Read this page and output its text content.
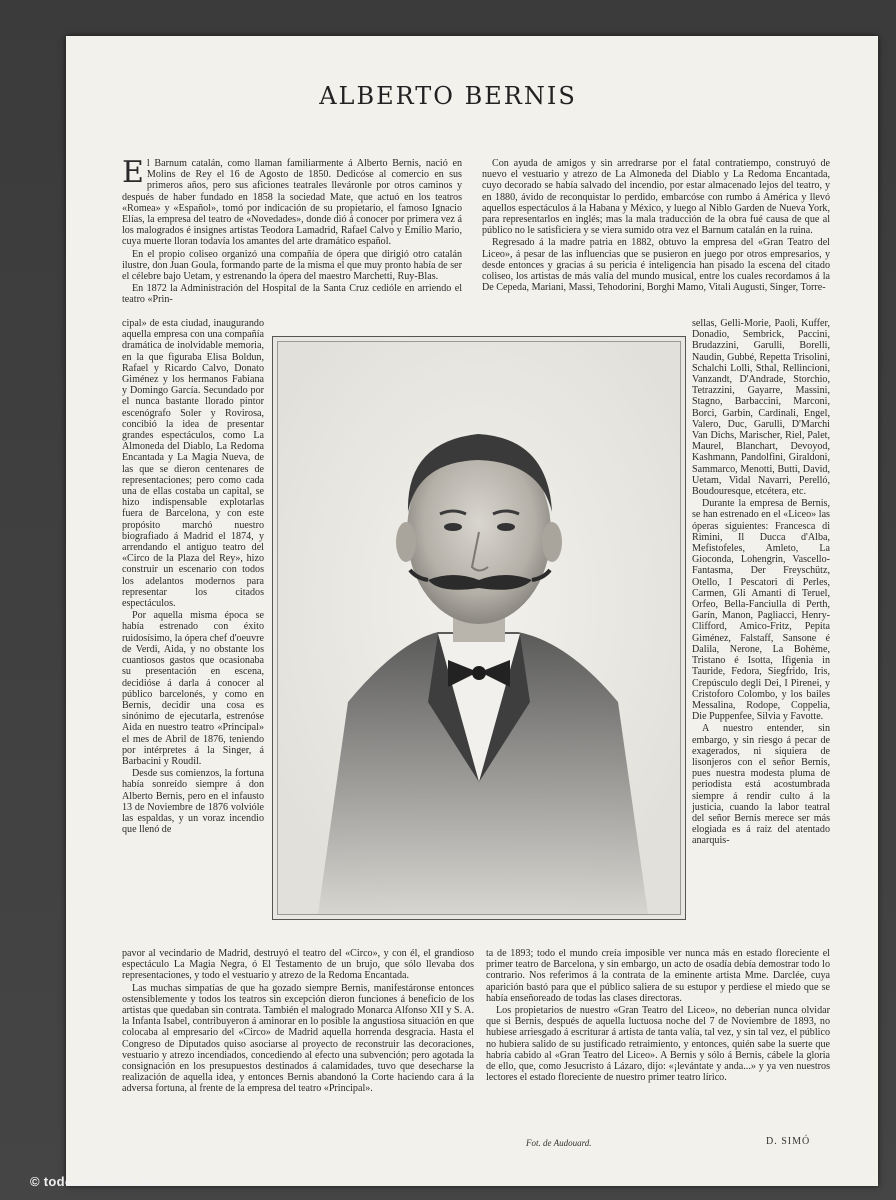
ALBERTO BERNIS

El Barnum catalán, como llaman familiarmente á Alberto Bernis, nació en Molins de Rey el 16 de Agosto de 1850. Dedicóse al comercio en sus primeros años, pero sus aficiones teatrales lleváronle por otros caminos y después de haber fundado en 1858 la sociedad Mate, que actuó en los teatros «Romea» y «Español», tomó por indicación de su propietario, el famoso Ignacio Elías, la empresa del teatro de «Novedades», donde dió á conocer por primera vez á los malogrados é insignes artistas Teodora Lamadrid, Rafael Calvo y Emilio Mario, cuya muerte lloran todavía los amantes del arte dramático español.

En el propio coliseo organizó una compañía de ópera que dirigió otro catalán ilustre, don Juan Goula, formando parte de la misma el que muy pronto había de ser el célebre bajo Uetam, y estrenando la ópera del maestro Marchetti, Ruy-Blas.

En 1872 la Administración del Hospital de la Santa Cruz cedióle en arriendo el teatro «Prin-

Con ayuda de amigos y sin arredrarse por el fatal contratiempo, construyó de nuevo el vestuario y atrezo de La Almoneda del Diablo y La Redoma Encantada, cuyo decorado se había salvado del incendio, por estar almacenado lejos del teatro, y en 1880, ávido de reconquistar lo perdido, embarcóse con rumbo á América y llevó aquellos espectáculos á la Habana y México, y luego al Niblo Garden de Nueva York, para representarlos en inglés; mas la mala traducción de la obra fué causa de que al público no le satisficiera y se viera sumido otra vez el Barnum catalán en la ruina.

Regresado á la madre patria en 1882, obtuvo la empresa del «Gran Teatro del Liceo», á pesar de las influencias que se pusieron en juego por otros empresarios, y desde entonces y gracias á su pericia é inteligencia han pisado la escena del citado coliseo, los artistas de más valía del mundo musical, entre los cuales recordamos á la De Cepeda, Mariani, Massi, Tehodorini, Borghi Mamo, Vitali Augusti, Singer, Torre-

cipal» de esta ciudad, inaugurando aquella empresa con una compañía dramática de inolvidable memoria, en la que figuraba Elisa Boldun, Rafael y Ricardo Calvo, Donato Giménez y los hermanos Fabiana y Domingo García. Secundado por el nunca bastante llorado pintor escenógrafo Soler y Rovirosa, concibió la idea de presentar grandes espectáculos, como La Almoneda del Diablo, La Redoma Encantada y La Magia Nueva, de las que se dieron centenares de representaciones; pero como cada una de ellas costaba un capital, se hizo indispensable explotarlas fuera de Barcelona, y con este propósito marchó nuestro biografiado á Madrid el 1874, y arrendando el antiguo teatro del «Circo de la Plaza del Rey», hizo construir un escenario con todos los adelantos modernos para representar los citados espectáculos.

Por aquella misma época se había estrenado con éxito ruidosísimo, la ópera chef d'oeuvre de Verdi, Aida, y no obstante los cuantiosos gastos que ocasionaba su presentación en escena, decidióse á darla á conocer al público barcelonés, y como en Bernis, decidir una cosa es sinónimo de ejecutarla, estrenóse Aida en nuestro teatro «Principal» el mes de Abril de 1876, teniendo por intérpretes á la Singer, á Barbacini y Roudil.

Desde sus comienzos, la fortuna había sonreído siempre á don Alberto Bernis, pero en el infausto 13 de Noviembre de 1876 volvióle las espaldas, y un voraz incendio que llenó de

sellas, Gelli-Morie, Paoli, Kuffer, Donadio, Sembrick, Paccini, Brudazzini, Garulli, Borelli, Naudin, Gubbé, Repetta Trisolini, Schalchi Lolli, Sthal, Rellincioni, Vanzandt, D'Andrade, Storchio, Tetrazzini, Gayarre, Massini, Stagno, Barbaccini, Marconi, Borci, Garbin, Cardinali, Engel, Valero, Duc, Garulli, D'Marchi Van Dichs, Marischer, Riel, Palet, Maurel, Blanchart, Devoyod, Kashmann, Pandolfini, Giraldoni, Sammarco, Menotti, Butti, David, Uetam, Vidal Navarri, Perelló, Boudouresque, etcétera, etc.

Durante la empresa de Bernis, se han estrenado en el «Liceo» las óperas siguientes: Francesca di Rimini, Il Ducca d'Alba, Mefistofeles, Amleto, La Gioconda, Lohengrin, Vascello-Fantasma, Der Freyschütz, Otello, I Pescatori di Perles, Carmen, Gli Amanti di Teruel, Orfeo, Bella-Fanciulla di Perth, Garín, Manon, Pagliacci, Henry-Clifford, Amico-Fritz, Pepita Giménez, Falstaff, Sansone é Dalila, Nerone, La Bohème, Tristano é Isotta, Ifigenia in Tauride, Fedora, Siegfrido, Iris, Crepúsculo degli Dei, I Pirenei, y Cristoforo Colombo, y los bailes Messalina, Rodope, Coppelia, Die Puppenfee, Silvia y Favotte.

A nuestro entender, sin embargo, y sin riesgo á pecar de exagerados, ni siquiera de lisonjeros con el señor Bernis, pues nuestra modesta pluma de periodista está acostumbrada siempre á rendir culto á la justicia, cuando la labor teatral del señor Bernis merece ser más elogiada es á raíz del atentado anarquis-

pavor al vecindario de Madrid, destruyó el teatro del «Circo», y con él, el grandioso espectáculo La Magia Negra, ó El Testamento de un brujo, que sólo llevaba dos representaciones, y todo el vestuario y atrezo de la Redoma Encantada.

Las muchas simpatías de que ha gozado siempre Bernis, manifestáronse entonces ostensiblemente y todos los teatros sin excepción dieron funciones á beneficio de los artistas que quedaban sin contrata. También el malogrado Monarca Alfonso XII y S. A. la Infanta Isabel, contribuyeron á aminorar en lo posible la angustiosa situación en que colocaba al empresario del «Circo» de Madrid aquella horrenda desgracia. Hasta el Congreso de Diputados quiso asociarse al proyecto de reconstruir las decoraciones, vestuario y atrezo incendiados, concediendo al efecto una subvención; pero agotada la consignación en los presupuestos destinados á calamidades, tuvo que desecharse la realización de aquella idea, y entonces Bernis abandonó la Corte haciendo cara á la adversa fortuna, al frente de la empresa del teatro «Principal».

ta de 1893; todo el mundo creía imposible ver nunca más en estado floreciente el primer teatro de Barcelona, y sin embargo, un acto de osadía debía demostrar todo lo contrario. Nos referimos á la contrata de la eminente artista Mme. Darclée, cuya aparición bastó para que el público saliera de su estupor y perdiese el miedo que se había enseñoreado de todas las clases directoras.

Los propietarios de nuestro «Gran Teatro del Liceo», no deberían nunca olvidar que si Bernis, después de aquella luctuosa noche del 7 de Noviembre de 1893, no hubiese arriesgado á escriturar á artista de tanta valía, tal vez, y sin tal vez, el público no hubiera salido de su justificado retraimiento, y entonces, quién sabe la suerte que habría cabido al «Gran Teatro del Liceo». A Bernis y sólo á Bernis, cábele la gloria de ello, que, como Jesucristo á Lázaro, dijo: «¡levántate y anda...» y ya ven nuestros lectores el estado floreciente de nuestro primer teatro lírico.

Fot. de Audouard.	D. SIMÓ
© todocoleccion.net
